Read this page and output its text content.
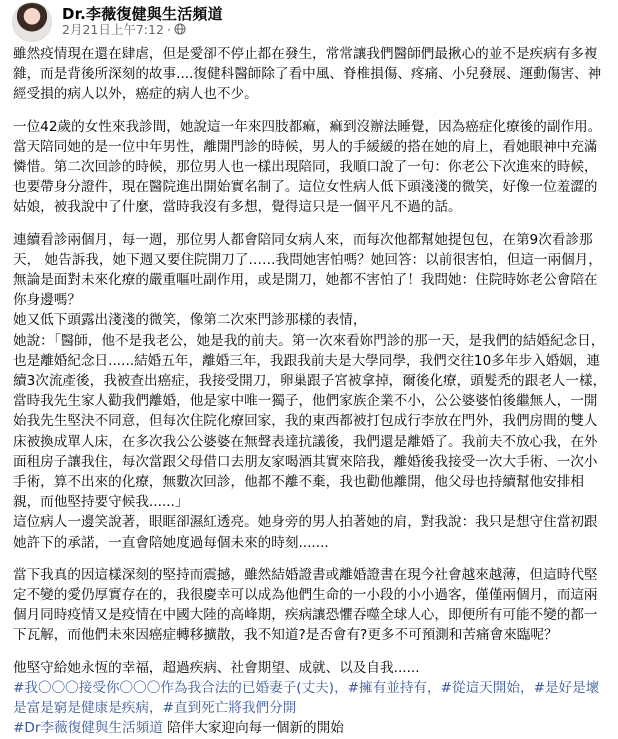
Dr.李薇復健與生活頻道
2月21日上午7:12 ·

雖然疫情現在還在肆虐，但是愛卻不停止都在發生，常常讓我們醫師們最揪心的並不是疾病有多複雜，而是背後所深刻的故事....復健科醫師除了看中風、脊椎損傷、疼痛、小兒發展、運動傷害、神經受損的病人以外，癌症的病人也不少。

一位42歲的女性來我診間，她說這一年來四肢都痲，痲到沒辦法睡覺，因為癌症化療後的副作用。當天陪同她的是一位中年男性，離開門診的時候，男人的手緩緩的搭在她的肩上，看她眼神中充滿憐惜。第二次回診的時候，那位男人也一樣出現陪同，我順口說了一句：你老公下次進來的時候，也要帶身分證件，現在醫院進出開始實名制了。這位女性病人低下頭淺淺的微笑，好像一位羞澀的姑娘，被我說中了什麼，當時我沒有多想，覺得這只是一個平凡不過的話。

連續看診兩個月，每一週，那位男人都會陪同女病人來，而每次他都幫她提包包，在第9次看診那天， 她告訴我，她下週又要住院開刀了……我問她害怕嗎？她回答：以前很害怕，但這一兩個月，無論是面對未來化療的嚴重嘔吐副作用，或是開刀，她都不害怕了！我問她：住院時妳老公會陪在你身邊嗎？

她又低下頭露出淺淺的微笑，像第二次來門診那樣的表情，

她說：「醫師，他不是我老公，她是我的前夫。第一次來看妳門診的那一天，是我們的結婚紀念日，也是離婚紀念日......結婚五年，離婚三年，我跟我前夫是大學同學，我們交往10多年步入婚姻，連續3次流產後，我被查出癌症，我接受開刀，卵巢跟子宮被拿掉，爾後化療，頭髮禿的跟老人一樣，當時我先生家人勸我們離婚，他是家中唯一獨子，他們家族企業不小，公公婆婆怕後繼無人，一開始我先生堅決不同意，但每次住院化療回家，我的東西都被打包成行李放在門外，我們房間的雙人床被換成單人床，在多次我公公婆婆在無聲表達抗議後，我們還是離婚了。我前夫不放心我，在外面租房子讓我住，每次當跟父母借口去朋友家喝酒其實來陪我，離婚後我接受一次大手術、一次小手術，算不出來的化療，無數次回診，他都不離不棄，我也勸他離開，他父母也持續幫他安排相親，而他堅持要守候我......」

這位病人一邊笑說著，眼眶卻濕紅透亮。她身旁的男人拍著她的肩，對我說：我只是想守住當初跟她許下的承諾，一直會陪她度過每個未來的時刻.......

當下我真的因這樣深刻的堅持而震撼，雖然結婚證書或離婚證書在現今社會越來越薄，但這時代堅定不變的愛仍厚實存在的，我很慶幸可以成為他們生命的一小段的小小過客，僅僅兩個月，而這兩個月同時疫情又是疫情在中國大陸的高峰期，疾病讓恐懼吞噬全球人心，即便所有可能不變的都一下瓦解，而他們未來因癌症轉移擴散，我不知道?是否會有?更多不可預測和苦痛會來臨呢？

他堅守給她永恆的幸福，超過疾病、社會期望、成就、以及自我......

#我〇〇〇接受你〇〇〇作為我合法的已婚妻子(丈夫)，#擁有並持有，#從這天開始，#是好是壞是富是窮是健康是疾病，#直到死亡將我們分開

#Dr李薇復健與生活頻道 陪伴大家迎向每一個新的開始
